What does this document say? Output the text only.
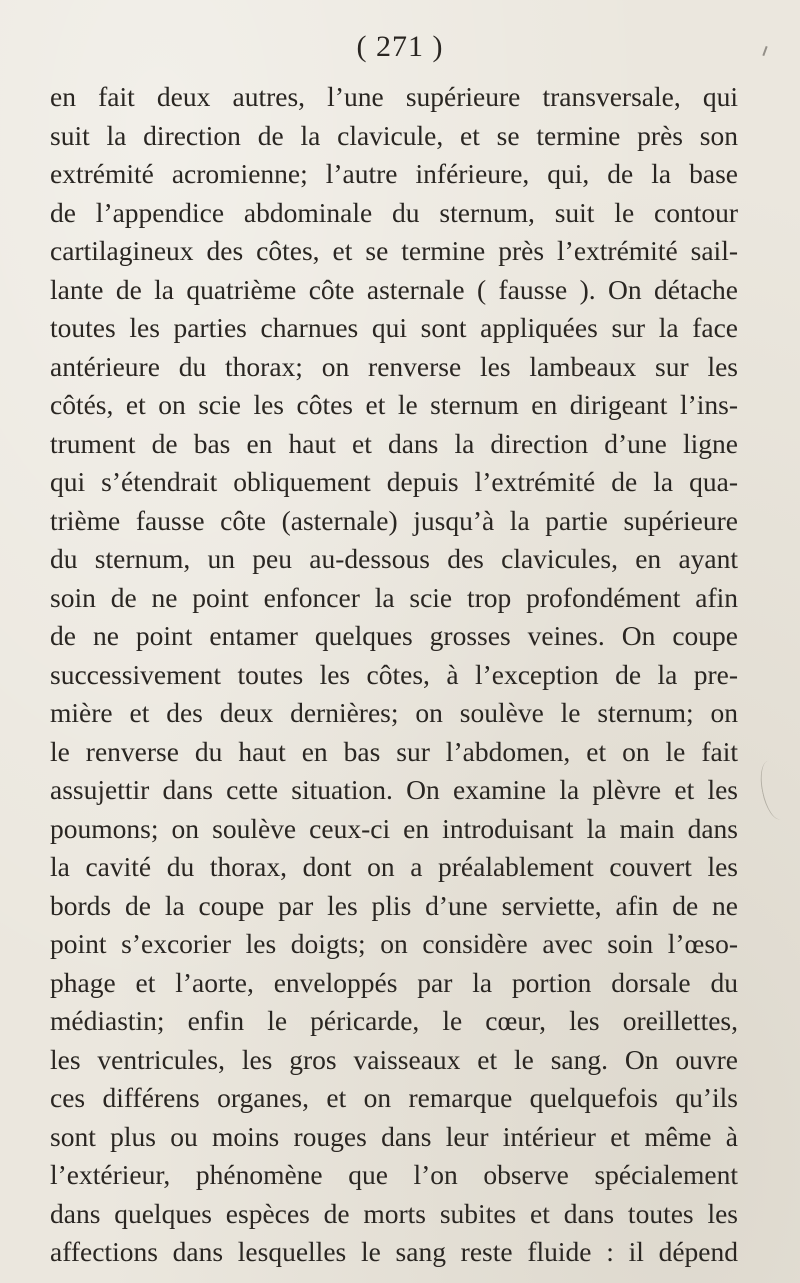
( 271 )
en fait deux autres, l’une supérieure transversale, qui
suit la direction de la clavicule, et se termine près son
extrémité acromienne; l’autre inférieure, qui, de la base
de l’appendice abdominale du sternum, suit le contour
cartilagineux des côtes, et se termine près l’extrémité sail-
lante de la quatrième côte asternale ( fausse ). On détache
toutes les parties charnues qui sont appliquées sur la face
antérieure du thorax; on renverse les lambeaux sur les
côtés, et on scie les côtes et le sternum en dirigeant l’ins-
trument de bas en haut et dans la direction d’une ligne
qui s’étendrait obliquement depuis l’extrémité de la qua-
trième fausse côte (asternale) jusqu’à la partie supérieure
du sternum, un peu au-dessous des clavicules, en ayant
soin de ne point enfoncer la scie trop profondément afin
de ne point entamer quelques grosses veines. On coupe
successivement toutes les côtes, à l’exception de la pre-
mière et des deux dernières; on soulève le sternum; on
le renverse du haut en bas sur l’abdomen, et on le fait
assujettir dans cette situation. On examine la plèvre et les
poumons; on soulève ceux-ci en introduisant la main dans
la cavité du thorax, dont on a préalablement couvert les
bords de la coupe par les plis d’une serviette, afin de ne
point s’excorier les doigts; on considère avec soin l’œso-
phage et l’aorte, enveloppés par la portion dorsale du
médiastin; enfin le péricarde, le cœur, les oreillettes,
les ventricules, les gros vaisseaux et le sang. On ouvre
ces différens organes, et on remarque quelquefois qu’ils
sont plus ou moins rouges dans leur intérieur et même à
l’extérieur, phénomène que l’on observe spécialement
dans quelques espèces de morts subites et dans toutes les
affections dans lesquelles le sang reste fluide : il dépend
